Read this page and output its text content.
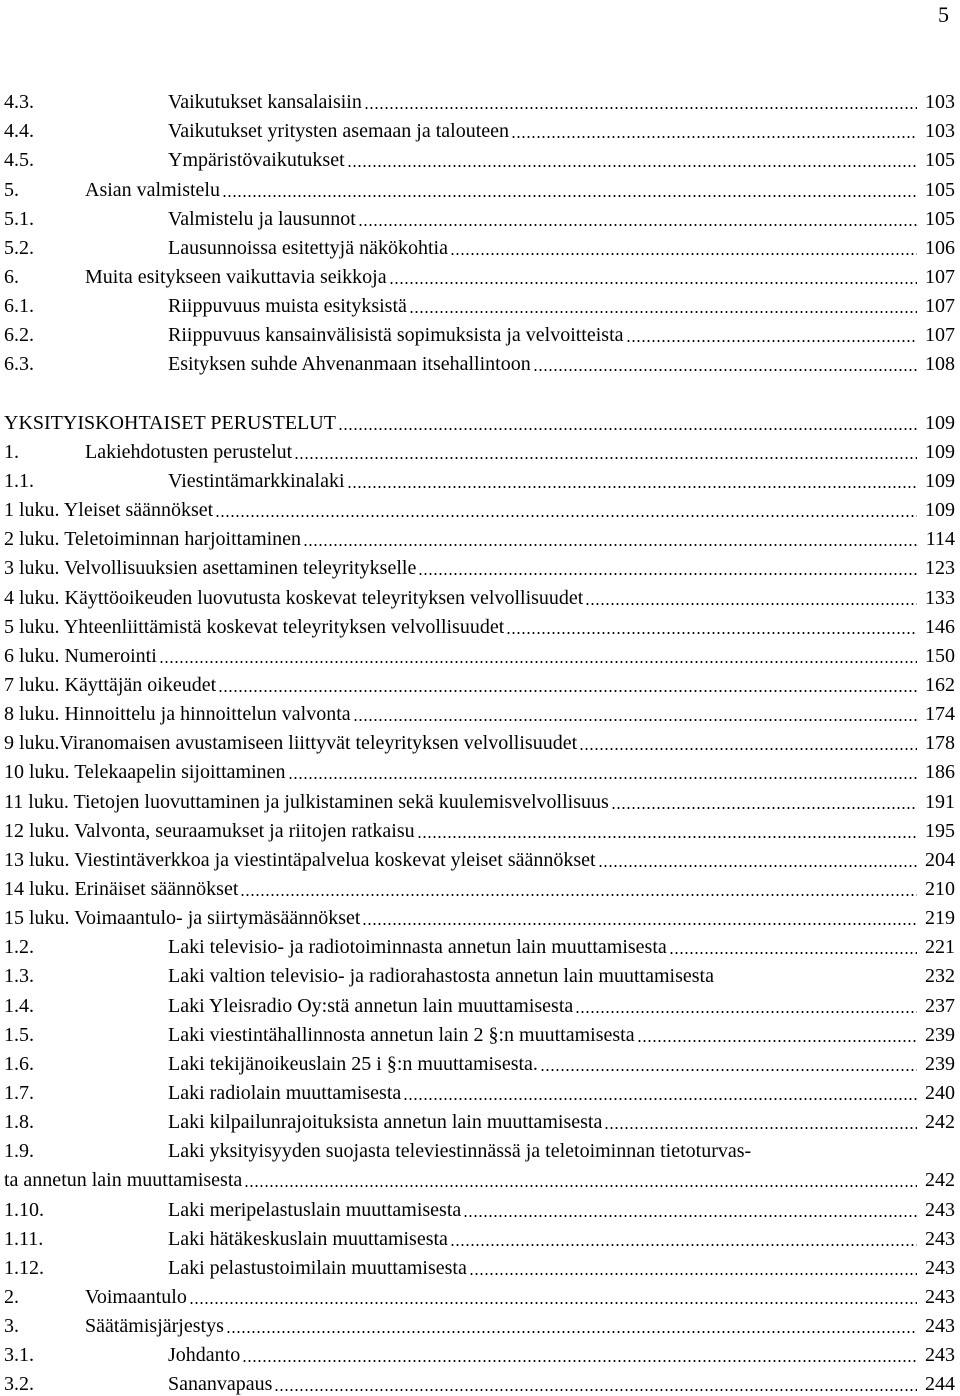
5
4.3.	Vaikutukset kansalaisiin	103
4.4.	Vaikutukset yritysten asemaan ja talouteen	103
4.5.	Ympäristövaikutukset	105
5.	Asian valmistelu	105
5.1.	Valmistelu ja lausunnot	105
5.2.	Lausunnoissa esitettyjä näkökohtia	106
6.	Muita esitykseen vaikuttavia seikkoja	107
6.1.	Riippuvuus muista esityksistä	107
6.2.	Riippuvuus kansainvälisistä sopimuksista ja velvoitteista	107
6.3.	Esityksen suhde Ahvenanmaan itsehallintoon	108
YKSITYISKOHTAISET PERUSTELUT	109
1.	Lakiehdotusten perustelut	109
1.1.	Viestintämarkkinalaki	109
1 luku. Yleiset säännökset	109
2 luku. Teletoiminnan harjoittaminen	114
3 luku. Velvollisuuksien asettaminen teleyritykselle	123
4 luku. Käyttöoikeuden luovutusta koskevat teleyrityksen velvollisuudet	133
5 luku. Yhteenliittämistä koskevat teleyrityksen velvollisuudet	146
6 luku. Numerointi	150
7 luku. Käyttäjän oikeudet	162
8 luku. Hinnoittelu ja hinnoittelun valvonta	174
9 luku.Viranomaisen avustamiseen liittyvät teleyrityksen velvollisuudet	178
10 luku. Telekaapelin sijoittaminen	186
11 luku. Tietojen luovuttaminen ja julkistaminen sekä kuulemisvelvollisuus	191
12 luku. Valvonta, seuraamukset ja riitojen ratkaisu	195
13 luku. Viestintäverkkoa ja viestintäpalvelua koskevat yleiset säännökset	204
14 luku. Erinäiset säännökset	210
15 luku. Voimaantulo- ja siirtymäsäännökset	219
1.2.	Laki televisio- ja radiotoiminnasta annetun lain muuttamisesta	221
1.3.	Laki valtion televisio- ja radiorahastosta annetun lain muuttamisesta	232
1.4.	Laki Yleisradio Oy:stä annetun lain muuttamisesta	237
1.5.	Laki viestintähallinnosta annetun lain 2 §:n muuttamisesta	239
1.6.	Laki tekijänoikeuslain 25 i §:n muuttamisesta.	239
1.7.	Laki radiolain muuttamisesta	240
1.8.	Laki kilpailunrajoituksista annetun lain muuttamisesta	242
1.9.	Laki yksityisyyden suojasta televiestinnässä ja teletoiminnan tietoturvas-
ta annetun lain muuttamisesta	242
1.10.	Laki meripelastuslain muuttamisesta	243
1.11.	Laki hätäkeskuslain muuttamisesta	243
1.12.	Laki pelastustoimilain muuttamisesta	243
2.	Voimaantulo	243
3.	Säätämisjärjestys	243
3.1.	Johdanto	243
3.2.	Sananvapaus	244
